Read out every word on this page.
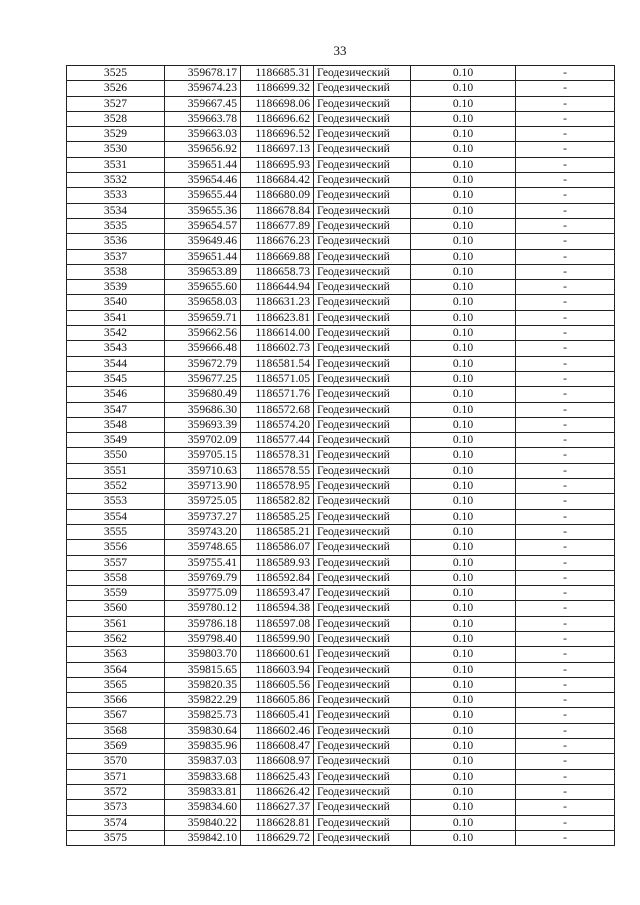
33
3525	359678.17	1186685.31	Геодезический	0.10	-
3526	359674.23	1186699.32	Геодезический	0.10	-
3527	359667.45	1186698.06	Геодезический	0.10	-
3528	359663.78	1186696.62	Геодезический	0.10	-
3529	359663.03	1186696.52	Геодезический	0.10	-
3530	359656.92	1186697.13	Геодезический	0.10	-
3531	359651.44	1186695.93	Геодезический	0.10	-
3532	359654.46	1186684.42	Геодезический	0.10	-
3533	359655.44	1186680.09	Геодезический	0.10	-
3534	359655.36	1186678.84	Геодезический	0.10	-
3535	359654.57	1186677.89	Геодезический	0.10	-
3536	359649.46	1186676.23	Геодезический	0.10	-
3537	359651.44	1186669.88	Геодезический	0.10	-
3538	359653.89	1186658.73	Геодезический	0.10	-
3539	359655.60	1186644.94	Геодезический	0.10	-
3540	359658.03	1186631.23	Геодезический	0.10	-
3541	359659.71	1186623.81	Геодезический	0.10	-
3542	359662.56	1186614.00	Геодезический	0.10	-
3543	359666.48	1186602.73	Геодезический	0.10	-
3544	359672.79	1186581.54	Геодезический	0.10	-
3545	359677.25	1186571.05	Геодезический	0.10	-
3546	359680.49	1186571.76	Геодезический	0.10	-
3547	359686.30	1186572.68	Геодезический	0.10	-
3548	359693.39	1186574.20	Геодезический	0.10	-
3549	359702.09	1186577.44	Геодезический	0.10	-
3550	359705.15	1186578.31	Геодезический	0.10	-
3551	359710.63	1186578.55	Геодезический	0.10	-
3552	359713.90	1186578.95	Геодезический	0.10	-
3553	359725.05	1186582.82	Геодезический	0.10	-
3554	359737.27	1186585.25	Геодезический	0.10	-
3555	359743.20	1186585.21	Геодезический	0.10	-
3556	359748.65	1186586.07	Геодезический	0.10	-
3557	359755.41	1186589.93	Геодезический	0.10	-
3558	359769.79	1186592.84	Геодезический	0.10	-
3559	359775.09	1186593.47	Геодезический	0.10	-
3560	359780.12	1186594.38	Геодезический	0.10	-
3561	359786.18	1186597.08	Геодезический	0.10	-
3562	359798.40	1186599.90	Геодезический	0.10	-
3563	359803.70	1186600.61	Геодезический	0.10	-
3564	359815.65	1186603.94	Геодезический	0.10	-
3565	359820.35	1186605.56	Геодезический	0.10	-
3566	359822.29	1186605.86	Геодезический	0.10	-
3567	359825.73	1186605.41	Геодезический	0.10	-
3568	359830.64	1186602.46	Геодезический	0.10	-
3569	359835.96	1186608.47	Геодезический	0.10	-
3570	359837.03	1186608.97	Геодезический	0.10	-
3571	359833.68	1186625.43	Геодезический	0.10	-
3572	359833.81	1186626.42	Геодезический	0.10	-
3573	359834.60	1186627.37	Геодезический	0.10	-
3574	359840.22	1186628.81	Геодезический	0.10	-
3575	359842.10	1186629.72	Геодезический	0.10	-
